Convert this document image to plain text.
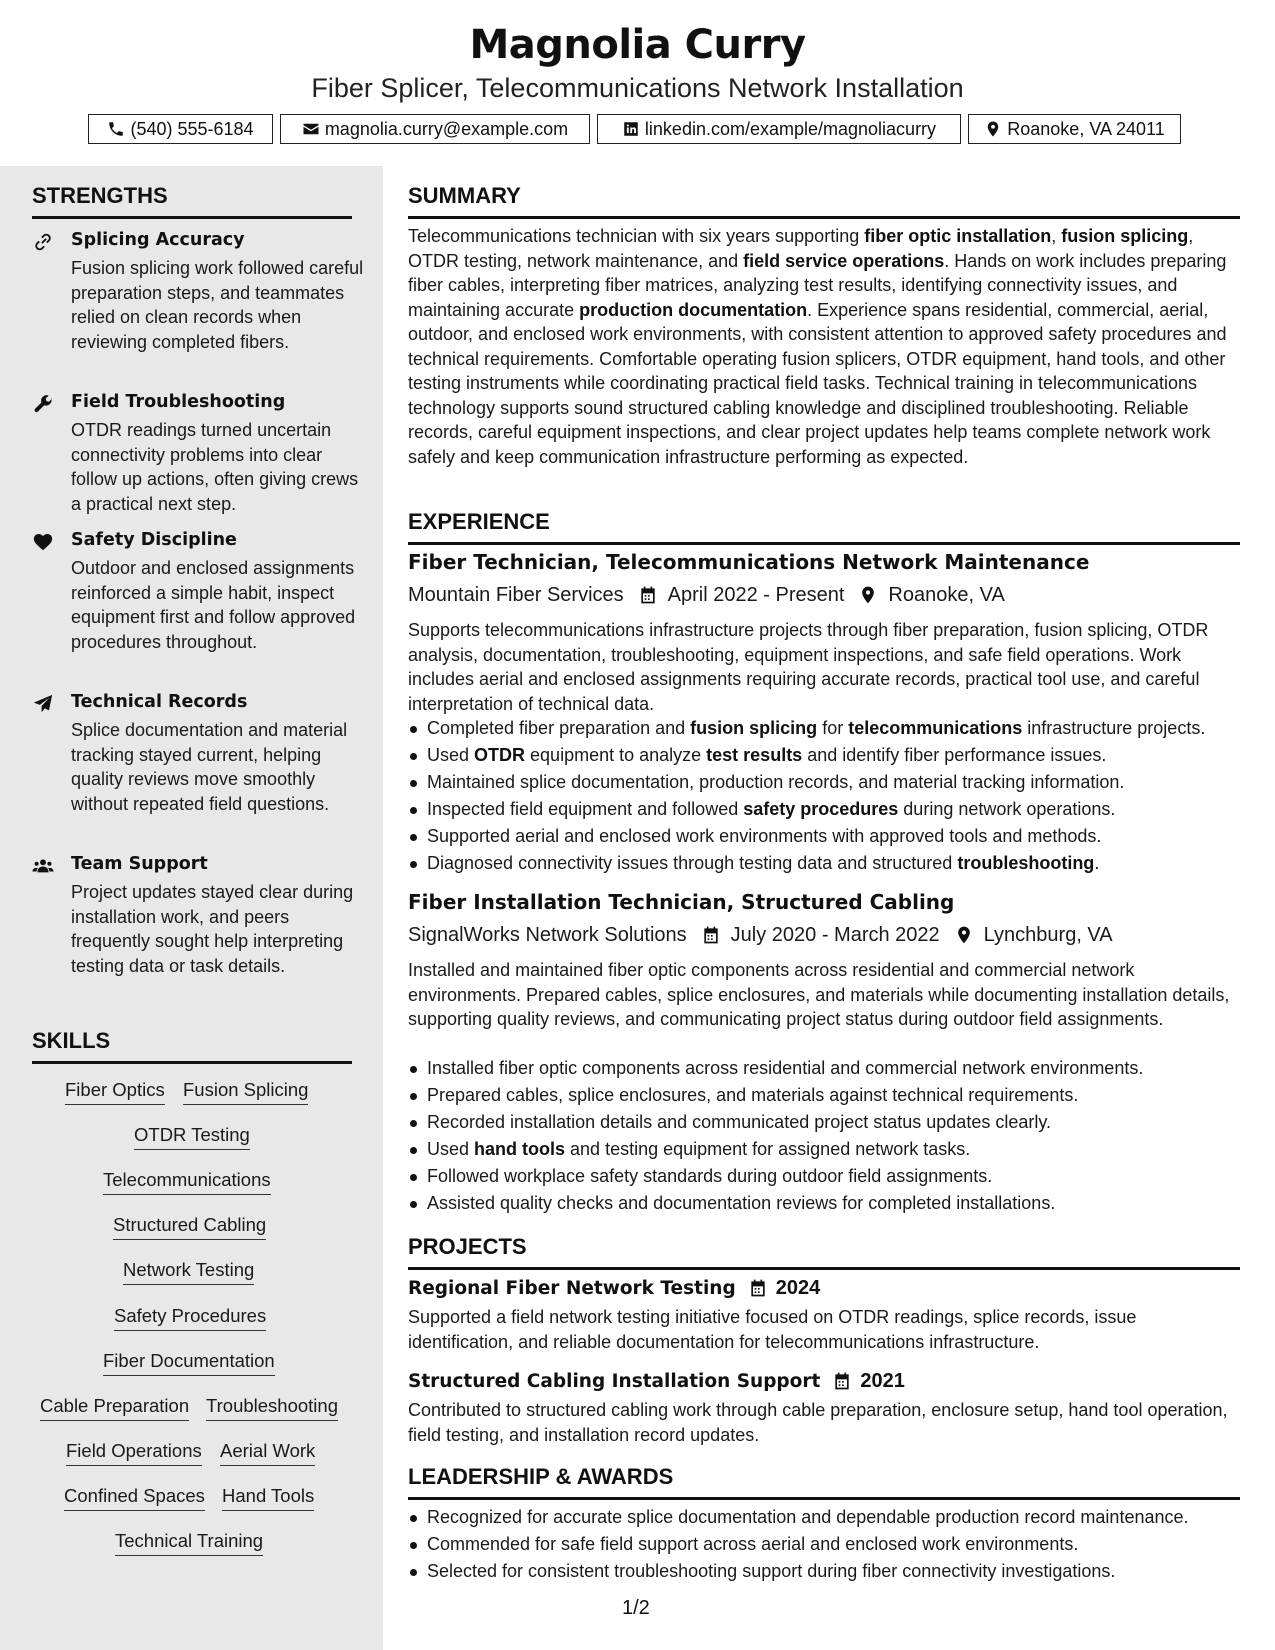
Magnolia Curry
Fiber Splicer, Telecommunications Network Installation
(540) 555-6184	magnolia.curry@example.com	linkedin.com/example/magnoliacurry	Roanoke, VA 24011
STRENGTHS
Splicing Accuracy
Fusion splicing work followed careful preparation steps, and teammates relied on clean records when reviewing completed fibers.
Field Troubleshooting
OTDR readings turned uncertain connectivity problems into clear follow up actions, often giving crews a practical next step.
Safety Discipline
Outdoor and enclosed assignments reinforced a simple habit, inspect equipment first and follow approved procedures throughout.
Technical Records
Splice documentation and material tracking stayed current, helping quality reviews move smoothly without repeated field questions.
Team Support
Project updates stayed clear during installation work, and peers frequently sought help interpreting testing data or task details.
SKILLS
Fiber Optics Fusion Splicing
OTDR Testing
Telecommunications
Structured Cabling
Network Testing
Safety Procedures
Fiber Documentation
Cable Preparation Troubleshooting
Field Operations Aerial Work
Confined Spaces Hand Tools
Technical Training
SUMMARY
Telecommunications technician with six years supporting fiber optic installation, fusion splicing, OTDR testing, network maintenance, and field service operations. Hands on work includes preparing fiber cables, interpreting fiber matrices, analyzing test results, identifying connectivity issues, and maintaining accurate production documentation. Experience spans residential, commercial, aerial, outdoor, and enclosed work environments, with consistent attention to approved safety procedures and technical requirements. Comfortable operating fusion splicers, OTDR equipment, hand tools, and other testing instruments while coordinating practical field tasks. Technical training in telecommunications technology supports sound structured cabling knowledge and disciplined troubleshooting. Reliable records, careful equipment inspections, and clear project updates help teams complete network work safely and keep communication infrastructure performing as expected.
EXPERIENCE
Fiber Technician, Telecommunications Network Maintenance
Mountain Fiber Services April 2022 - Present Roanoke, VA
Supports telecommunications infrastructure projects through fiber preparation, fusion splicing, OTDR analysis, documentation, troubleshooting, equipment inspections, and safe field operations. Work includes aerial and enclosed assignments requiring accurate records, practical tool use, and careful interpretation of technical data.
Completed fiber preparation and fusion splicing for telecommunications infrastructure projects.
Used OTDR equipment to analyze test results and identify fiber performance issues.
Maintained splice documentation, production records, and material tracking information.
Inspected field equipment and followed safety procedures during network operations.
Supported aerial and enclosed work environments with approved tools and methods.
Diagnosed connectivity issues through testing data and structured troubleshooting.
Fiber Installation Technician, Structured Cabling
SignalWorks Network Solutions July 2020 - March 2022 Lynchburg, VA
Installed and maintained fiber optic components across residential and commercial network environments. Prepared cables, splice enclosures, and materials while documenting installation details, supporting quality reviews, and communicating project status during outdoor field assignments.
Installed fiber optic components across residential and commercial network environments.
Prepared cables, splice enclosures, and materials against technical requirements.
Recorded installation details and communicated project status updates clearly.
Used hand tools and testing equipment for assigned network tasks.
Followed workplace safety standards during outdoor field assignments.
Assisted quality checks and documentation reviews for completed installations.
PROJECTS
Regional Fiber Network Testing 2024
Supported a field network testing initiative focused on OTDR readings, splice records, issue identification, and reliable documentation for telecommunications infrastructure.
Structured Cabling Installation Support 2021
Contributed to structured cabling work through cable preparation, enclosure setup, hand tool operation, field testing, and installation record updates.
LEADERSHIP & AWARDS
Recognized for accurate splice documentation and dependable production record maintenance.
Commended for safe field support across aerial and enclosed work environments.
Selected for consistent troubleshooting support during fiber connectivity investigations.
1/2
